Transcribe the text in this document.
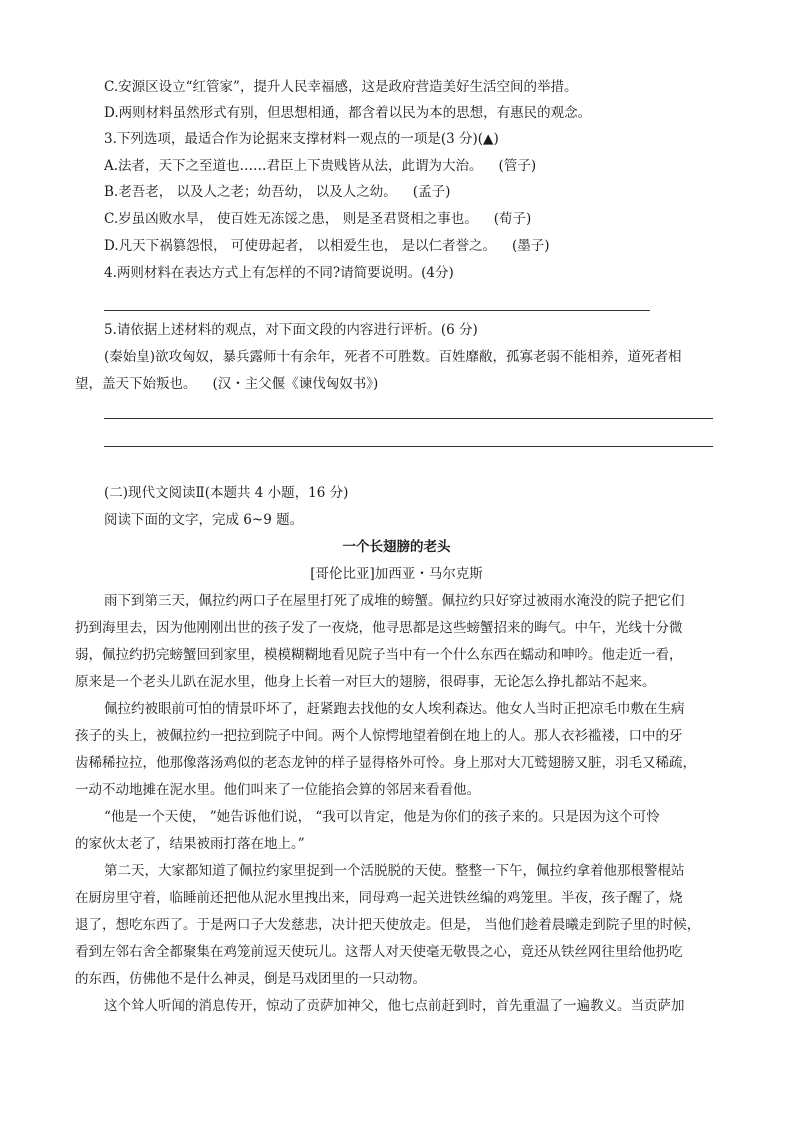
C.安源区设立“红管家”，提升人民幸福感，这是政府营造美好生活空间的举措。
D.两则材料虽然形式有别，但思想相通，都含着以民为本的思想，有惠民的观念。
3.下列选项，最适合作为论据来支撑材料一观点的一项是(3 分)(▲)
A.法者，天下之至道也……君臣上下贵贱皆从法，此谓为大治。 (管子)
B.老吾老， 以及人之老；幼吾幼， 以及人之幼。 (孟子)
C.岁虽凶败水旱， 使百姓无冻馁之患， 则是圣君贤相之事也。 (荀子)
D.凡天下祸篡怨恨， 可使毋起者， 以相爱生也， 是以仁者誉之。 (墨子)
4.两则材料在表达方式上有怎样的不同?请简要说明。(4分)
5.请依据上述材料的观点，对下面文段的内容进行评析。(6 分)
(秦始皇)欲攻匈奴，暴兵露师十有余年，死者不可胜数。百姓靡敝，孤寡老弱不能相养，道死者相
望，盖天下始叛也。 (汉・主父偃《谏伐匈奴书》)
(二)现代文阅读Ⅱ(本题共 4 小题，16 分)
阅读下面的文字，完成 6~9 题。
一个长翅膀的老头
[哥伦比亚]加西亚・马尔克斯
雨下到第三天，佩拉约两口子在屋里打死了成堆的螃蟹。佩拉约只好穿过被雨水淹没的院子把它们
扔到海里去，因为他刚刚出世的孩子发了一夜烧，他寻思都是这些螃蟹招来的晦气。中午，光线十分微
弱，佩拉约扔完螃蟹回到家里，模模糊糊地看见院子当中有一个什么东西在蠕动和呻吟。他走近一看，
原来是一个老头儿趴在泥水里，他身上长着一对巨大的翅膀，很碍事，无论怎么挣扎都站不起来。
佩拉约被眼前可怕的情景吓坏了，赶紧跑去找他的女人埃利森达。他女人当时正把凉毛巾敷在生病
孩子的头上，被佩拉约一把拉到院子中间。两个人惊愕地望着倒在地上的人。那人衣衫褴褛，口中的牙
齿稀稀拉拉，他那像落汤鸡似的老态龙钟的样子显得格外可怜。身上那对大兀鹫翅膀又脏，羽毛又稀疏，
一动不动地摊在泥水里。他们叫来了一位能掐会算的邻居来看看他。
“他是一个天使， ”她告诉他们说， “我可以肯定，他是为你们的孩子来的。只是因为这个可怜
的家伙太老了，结果被雨打落在地上。”
第二天，大家都知道了佩拉约家里捉到一个活脱脱的天使。整整一下午，佩拉约拿着他那根警棍站
在厨房里守着，临睡前还把他从泥水里拽出来，同母鸡一起关进铁丝编的鸡笼里。半夜，孩子醒了，烧
退了，想吃东西了。于是两口子大发慈悲，决计把天使放走。但是， 当他们趁着晨曦走到院子里的时候，
看到左邻右舍全都聚集在鸡笼前逗天使玩儿。这帮人对天使毫无敬畏之心，竟还从铁丝网往里给他扔吃
的东西，仿佛他不是什么神灵，倒是马戏团里的一只动物。
这个耸人听闻的消息传开，惊动了贡萨加神父，他七点前赶到时，首先重温了一遍教义。当贡萨加
